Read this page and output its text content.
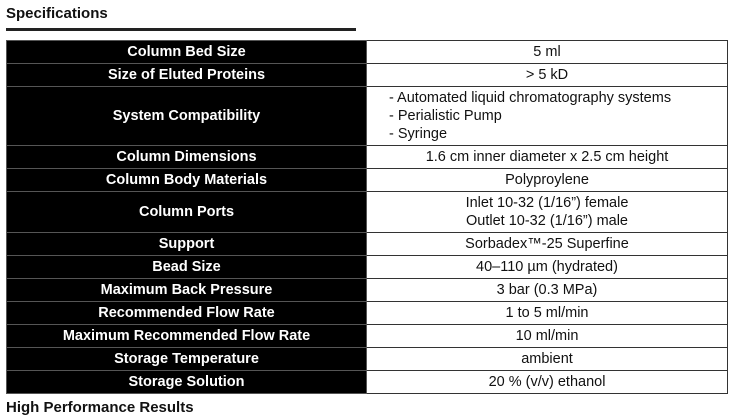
Specifications
Column Bed Size	5 ml

Size of Eluted Proteins	> 5 kD

System Compatibility	- Automated liquid chromatography systems
- Perialistic Pump
- Syringe

Column Dimensions	1.6 cm inner diameter x 2.5 cm height

Column Body Materials	Polyproylene

Column Ports	Inlet 10-32 (1/16”) female
Outlet 10-32 (1/16”) male

Support	Sorbadex™-25 Superfine

Bead Size	40–110 µm (hydrated)

Maximum Back Pressure	3 bar (0.3 MPa)

Recommended Flow Rate	1 to 5 ml/min

Maximum Recommended Flow Rate	10 ml/min

Storage Temperature	ambient

Storage Solution	20 % (v/v) ethanol
High Performance Results
